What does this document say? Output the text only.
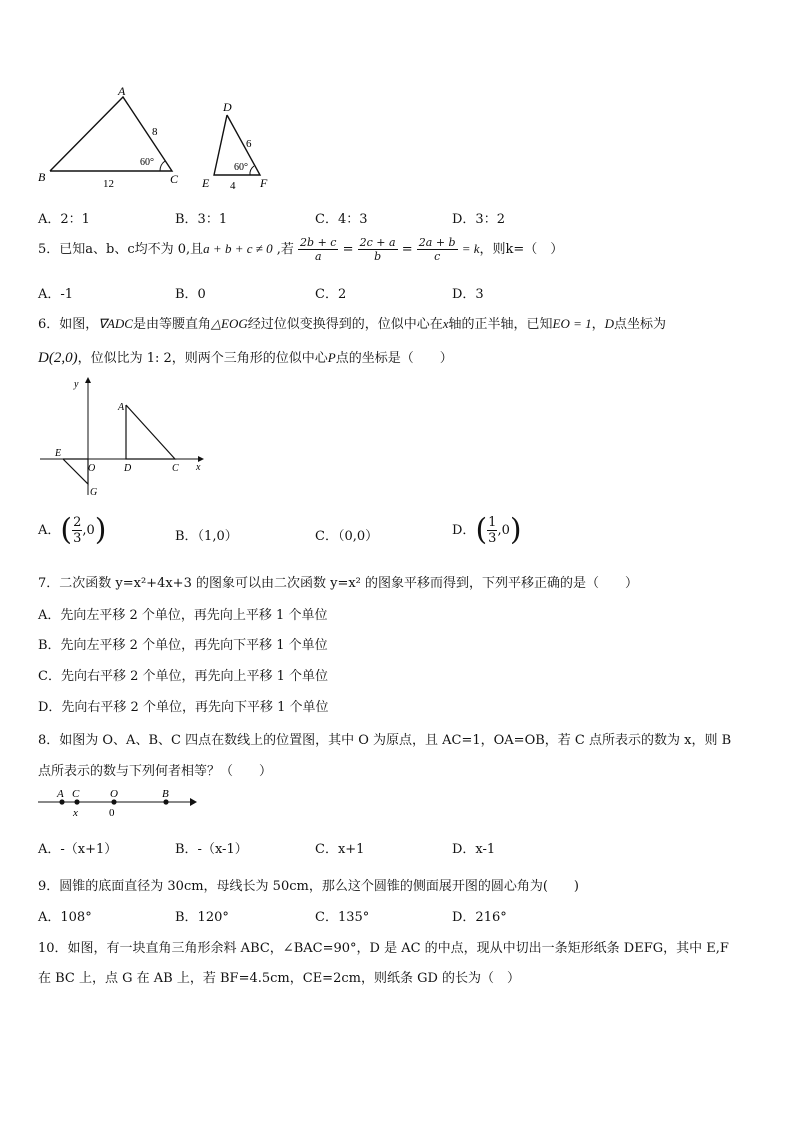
A
B	C
8
12
60°
D
E	F
6
4
60°
A．2：1	B．3：1	C．4：3	D．3：2
5．已知a、b、c均不为 0,且a + b + c ≠ 0 ,若 $\frac{2b + c}{a} = \frac{2c + a}{b} = \frac{2a + b}{c} = k$，则k=（　）
A．-1	B．0	C．2	D．3
6．如图，∇ADC是由等腰直角△EOG经过位似变换得到的，位似中心在x轴的正半轴，已知EO = 1，D点坐标为
D(2,0)，位似比为 1: 2，则两个三角形的位似中心P点的坐标是（　　）
y
x
A
E
O	D	C
G
A．( $\frac{2}{3} ,0$)	B．（1,0）	C．（0,0）	D．( $\frac{1}{3} ,0$)
7．二次函数 y=x²+4x+3 的图象可以由二次函数 y=x² 的图象平移而得到，下列平移正确的是（　　）
A．先向左平移 2 个单位，再先向上平移 1 个单位
B．先向左平移 2 个单位，再先向下平移 1 个单位
C．先向右平移 2 个单位，再先向上平移 1 个单位
D．先向右平移 2 个单位，再先向下平移 1 个单位
8．如图为 O、A、B、C 四点在数线上的位置图，其中 O 为原点，且 AC=1，OA=OB，若 C 点所表示的数为 x，则 B
点所表示的数与下列何者相等？（　　）
A C	O	B
x	0
A．-（x+1）	B．-（x-1）	C．x+1	D．x-1
9．圆锥的底面直径为 30cm，母线长为 50cm，那么这个圆锥的侧面展开图的圆心角为(　　)
A．108°	B．120°	C．135°	D．216°
10．如图，有一块直角三角形余料 ABC，∠BAC=90°，D 是 AC 的中点，现从中切出一条矩形纸条 DEFG，其中 E,F
在 BC 上，点 G 在 AB 上，若 BF=4.5cm，CE=2cm，则纸条 GD 的长为（　）
